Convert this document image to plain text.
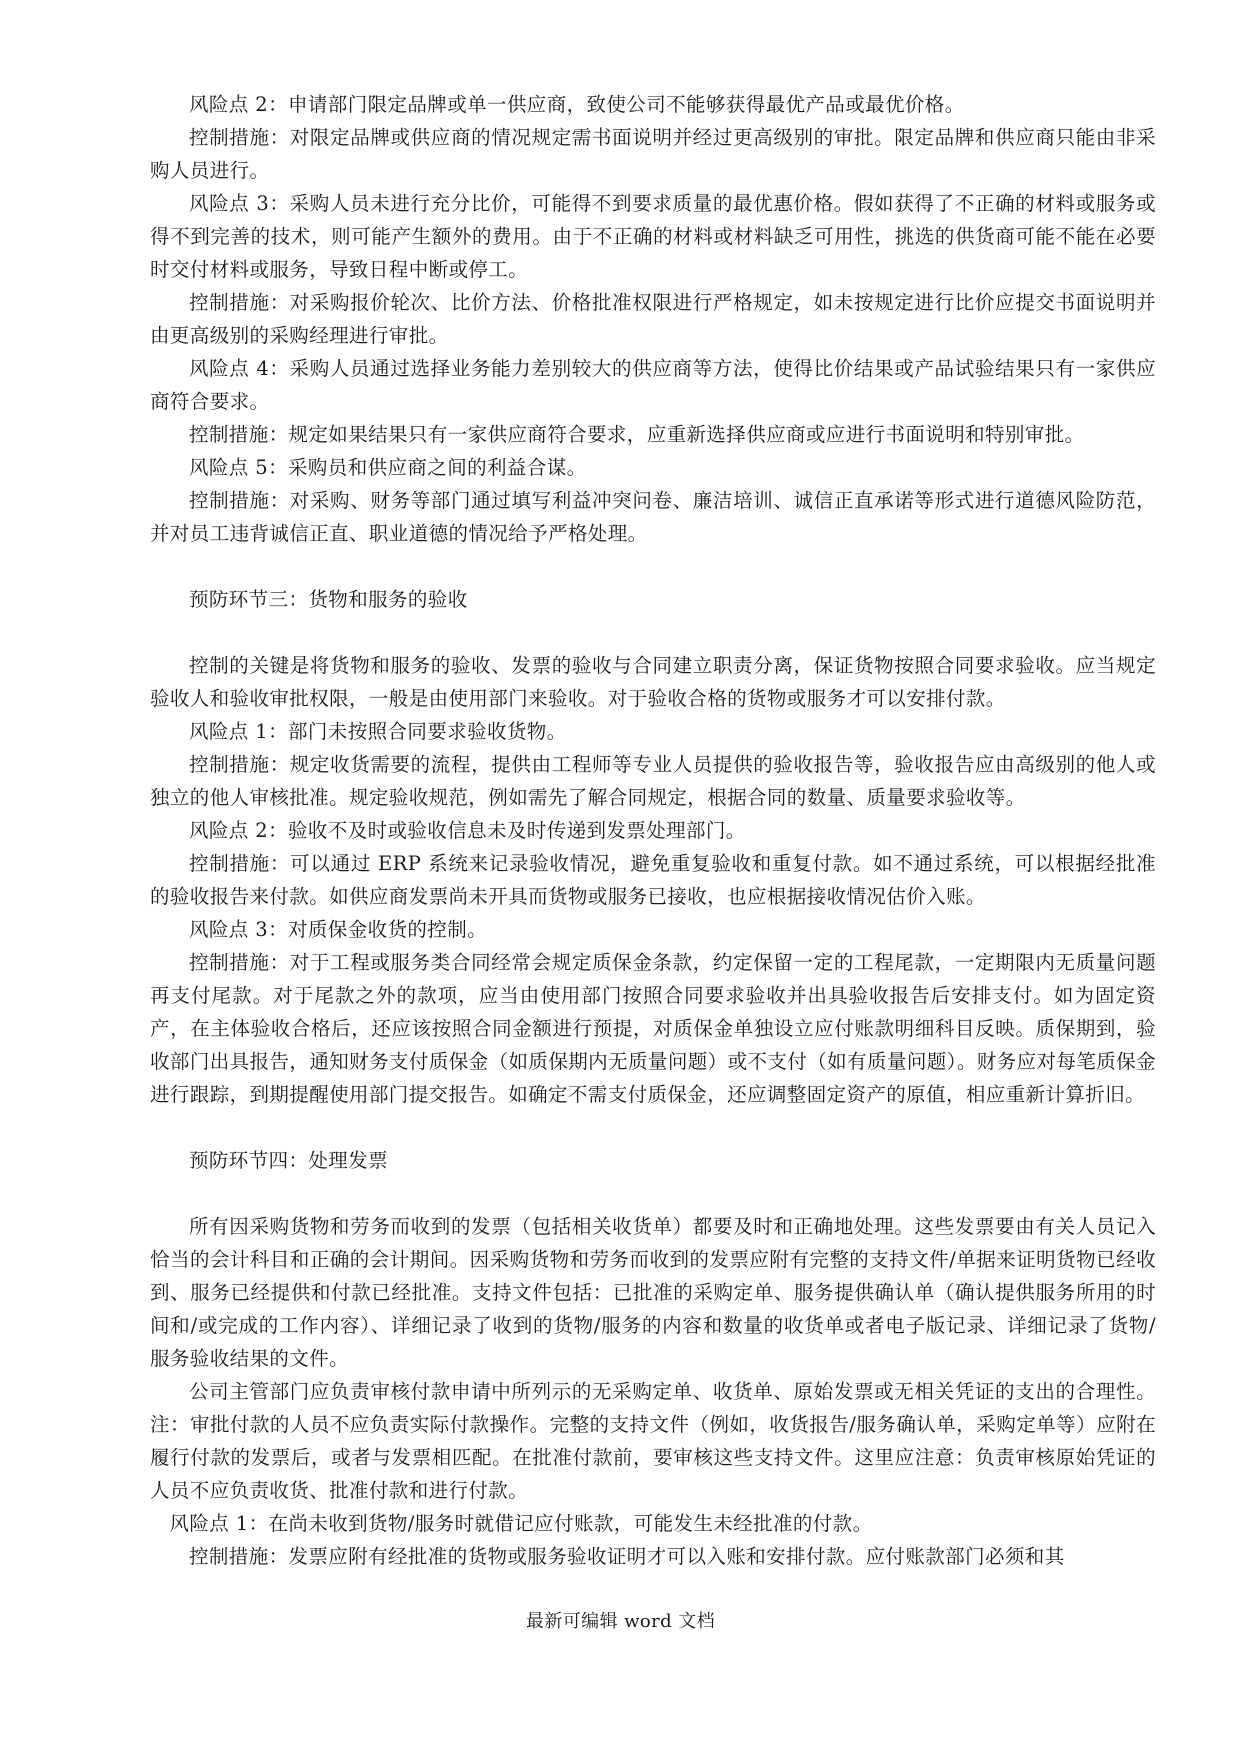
风险点 2：申请部门限定品牌或单一供应商，致使公司不能够获得最优产品或最优价格。

控制措施：对限定品牌或供应商的情况规定需书面说明并经过更高级别的审批。限定品牌和供应商只能由非采购人员进行。

风险点 3：采购人员未进行充分比价，可能得不到要求质量的最优惠价格。假如获得了不正确的材料或服务或得不到完善的技术，则可能产生额外的费用。由于不正确的材料或材料缺乏可用性，挑选的供货商可能不能在必要时交付材料或服务，导致日程中断或停工。

控制措施：对采购报价轮次、比价方法、价格批准权限进行严格规定，如未按规定进行比价应提交书面说明并由更高级别的采购经理进行审批。

风险点 4：采购人员通过选择业务能力差别较大的供应商等方法，使得比价结果或产品试验结果只有一家供应商符合要求。

控制措施：规定如果结果只有一家供应商符合要求，应重新选择供应商或应进行书面说明和特别审批。

风险点 5：采购员和供应商之间的利益合谋。

控制措施：对采购、财务等部门通过填写利益冲突问卷、廉洁培训、诚信正直承诺等形式进行道德风险防范，并对员工违背诚信正直、职业道德的情况给予严格处理。

预防环节三：货物和服务的验收

控制的关键是将货物和服务的验收、发票的验收与合同建立职责分离，保证货物按照合同要求验收。应当规定验收人和验收审批权限，一般是由使用部门来验收。对于验收合格的货物或服务才可以安排付款。

风险点 1：部门未按照合同要求验收货物。

控制措施：规定收货需要的流程，提供由工程师等专业人员提供的验收报告等，验收报告应由高级别的他人或独立的他人审核批准。规定验收规范，例如需先了解合同规定，根据合同的数量、质量要求验收等。

风险点 2：验收不及时或验收信息未及时传递到发票处理部门。

控制措施：可以通过 ERP 系统来记录验收情况，避免重复验收和重复付款。如不通过系统，可以根据经批准的验收报告来付款。如供应商发票尚未开具而货物或服务已接收，也应根据接收情况估价入账。

风险点 3：对质保金收货的控制。

控制措施：对于工程或服务类合同经常会规定质保金条款，约定保留一定的工程尾款，一定期限内无质量问题再支付尾款。对于尾款之外的款项，应当由使用部门按照合同要求验收并出具验收报告后安排支付。如为固定资产，在主体验收合格后，还应该按照合同金额进行预提，对质保金单独设立应付账款明细科目反映。质保期到，验收部门出具报告，通知财务支付质保金（如质保期内无质量问题）或不支付（如有质量问题）。财务应对每笔质保金进行跟踪，到期提醒使用部门提交报告。如确定不需支付质保金，还应调整固定资产的原值，相应重新计算折旧。

预防环节四：处理发票

所有因采购货物和劳务而收到的发票（包括相关收货单）都要及时和正确地处理。这些发票要由有关人员记入恰当的会计科目和正确的会计期间。因采购货物和劳务而收到的发票应附有完整的支持文件/单据来证明货物已经收到、服务已经提供和付款已经批准。支持文件包括：已批准的采购定单、服务提供确认单（确认提供服务所用的时间和/或完成的工作内容）、详细记录了收到的货物/服务的内容和数量的收货单或者电子版记录、详细记录了货物/服务验收结果的文件。

公司主管部门应负责审核付款申请中所列示的无采购定单、收货单、原始发票或无相关凭证的支出的合理性。注：审批付款的人员不应负责实际付款操作。完整的支持文件（例如，收货报告/服务确认单，采购定单等）应附在履行付款的发票后，或者与发票相匹配。在批准付款前，要审核这些支持文件。这里应注意：负责审核原始凭证的人员不应负责收货、批准付款和进行付款。

风险点 1：在尚未收到货物/服务时就借记应付账款，可能发生未经批准的付款。

控制措施：发票应附有经批准的货物或服务验收证明才可以入账和安排付款。应付账款部门必须和其

最新可编辑 word 文档
